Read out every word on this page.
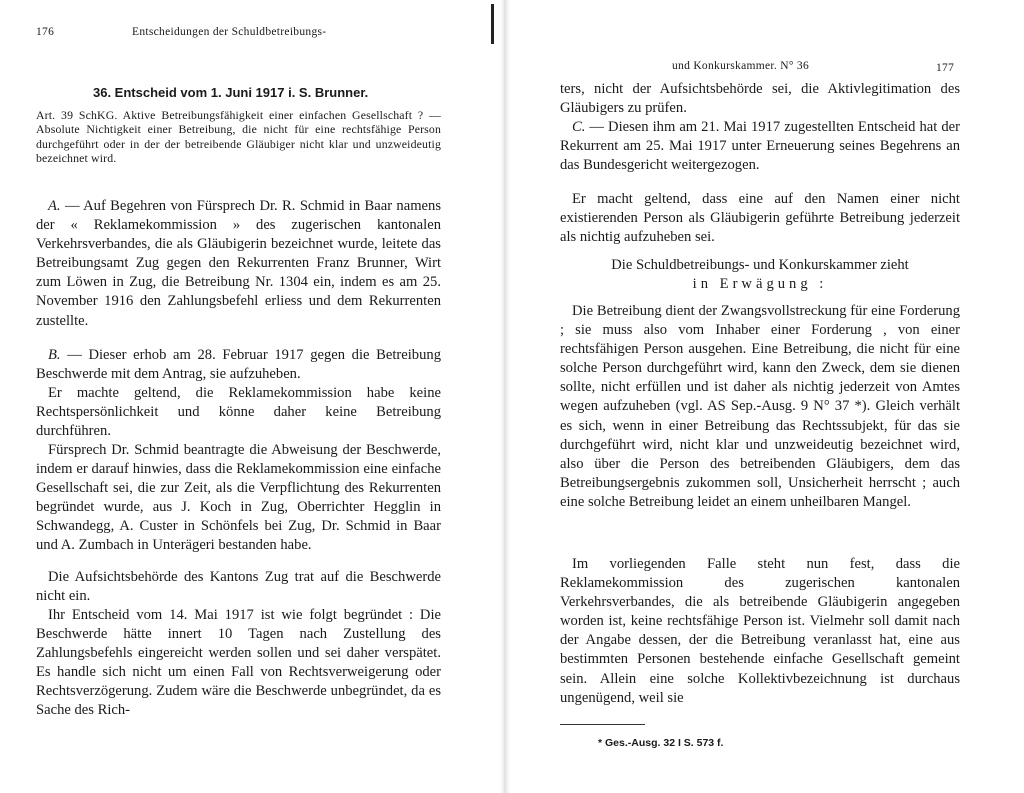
176	Entscheidungen der Schuldbetreibungs-
36. Entscheid vom 1. Juni 1917 i. S. Brunner.

Art. 39 SchKG. Aktive Betreibungsfähigkeit einer einfachen Gesellschaft ? — Absolute Nichtigkeit einer Betreibung, die nicht für eine rechtsfähige Person durchgeführt oder in der der betreibende Gläubiger nicht klar und unzweideutig bezeichnet wird.

A. — Auf Begehren von Fürsprech Dr. R. Schmid in Baar namens der « Reklamekommission » des zugerischen kantonalen Verkehrsverbandes, die als Gläubigerin bezeichnet wurde, leitete das Betreibungsamt Zug gegen den Rekurrenten Franz Brunner, Wirt zum Löwen in Zug, die Betreibung Nr. 1304 ein, indem es am 25. November 1916 den Zahlungsbefehl erliess und dem Rekurrenten zustellte.

B. — Dieser erhob am 28. Februar 1917 gegen die Betreibung Beschwerde mit dem Antrag, sie aufzuheben.

Er machte geltend, die Reklamekommission habe keine Rechtspersönlichkeit und könne daher keine Betreibung durchführen.

Fürsprech Dr. Schmid beantragte die Abweisung der Beschwerde, indem er darauf hinwies, dass die Reklamekommission eine einfache Gesellschaft sei, die zur Zeit, als die Verpflichtung des Rekurrenten begründet wurde, aus J. Koch in Zug, Oberrichter Hegglin in Schwandegg, A. Custer in Schönfels bei Zug, Dr. Schmid in Baar und A. Zumbach in Unterägeri bestanden habe.

Die Aufsichtsbehörde des Kantons Zug trat auf die Beschwerde nicht ein.

Ihr Entscheid vom 14. Mai 1917 ist wie folgt begründet : Die Beschwerde hätte innert 10 Tagen nach Zustellung des Zahlungsbefehls eingereicht werden sollen und sei daher verspätet. Es handle sich nicht um einen Fall von Rechtsverweigerung oder Rechtsverzögerung. Zudem wäre die Beschwerde unbegründet, da es Sache des Rich-

und Konkurskammer. N° 36	177

ters, nicht der Aufsichtsbehörde sei, die Aktivlegitimation des Gläubigers zu prüfen.

C. — Diesen ihm am 21. Mai 1917 zugestellten Entscheid hat der Rekurrent am 25. Mai 1917 unter Erneuerung seines Begehrens an das Bundesgericht weitergezogen.

Er macht geltend, dass eine auf den Namen einer nicht existierenden Person als Gläubigerin geführte Betreibung jederzeit als nichtig aufzuheben sei.

Die Schuldbetreibungs- und Konkurskammer zieht

in Erwägung :

Die Betreibung dient der Zwangsvollstreckung für eine Forderung ; sie muss also vom Inhaber einer Forderung , von einer rechtsfähigen Person ausgehen. Eine Betreibung, die nicht für eine solche Person durchgeführt wird, kann den Zweck, dem sie dienen sollte, nicht erfüllen und ist daher als nichtig jederzeit von Amtes wegen aufzuheben (vgl. AS Sep.-Ausg. 9 N° 37 *). Gleich verhält es sich, wenn in einer Betreibung das Rechtssubjekt, für das sie durchgeführt wird, nicht klar und unzweideutig bezeichnet wird, also über die Person des betreibenden Gläubigers, dem das Betreibungsergebnis zukommen soll, Unsicherheit herrscht ; auch eine solche Betreibung leidet an einem unheilbaren Mangel.

Im vorliegenden Falle steht nun fest, dass die Reklamekommission des zugerischen kantonalen Verkehrsverbandes, die als betreibende Gläubigerin angegeben worden ist, keine rechtsfähige Person ist. Vielmehr soll damit nach der Angabe dessen, der die Betreibung veranlasst hat, eine aus bestimmten Personen bestehende einfache Gesellschaft gemeint sein. Allein eine solche Kollektivbezeichnung ist durchaus ungenügend, weil sie

* Ges.-Ausg. 32 I S. 573 f.
